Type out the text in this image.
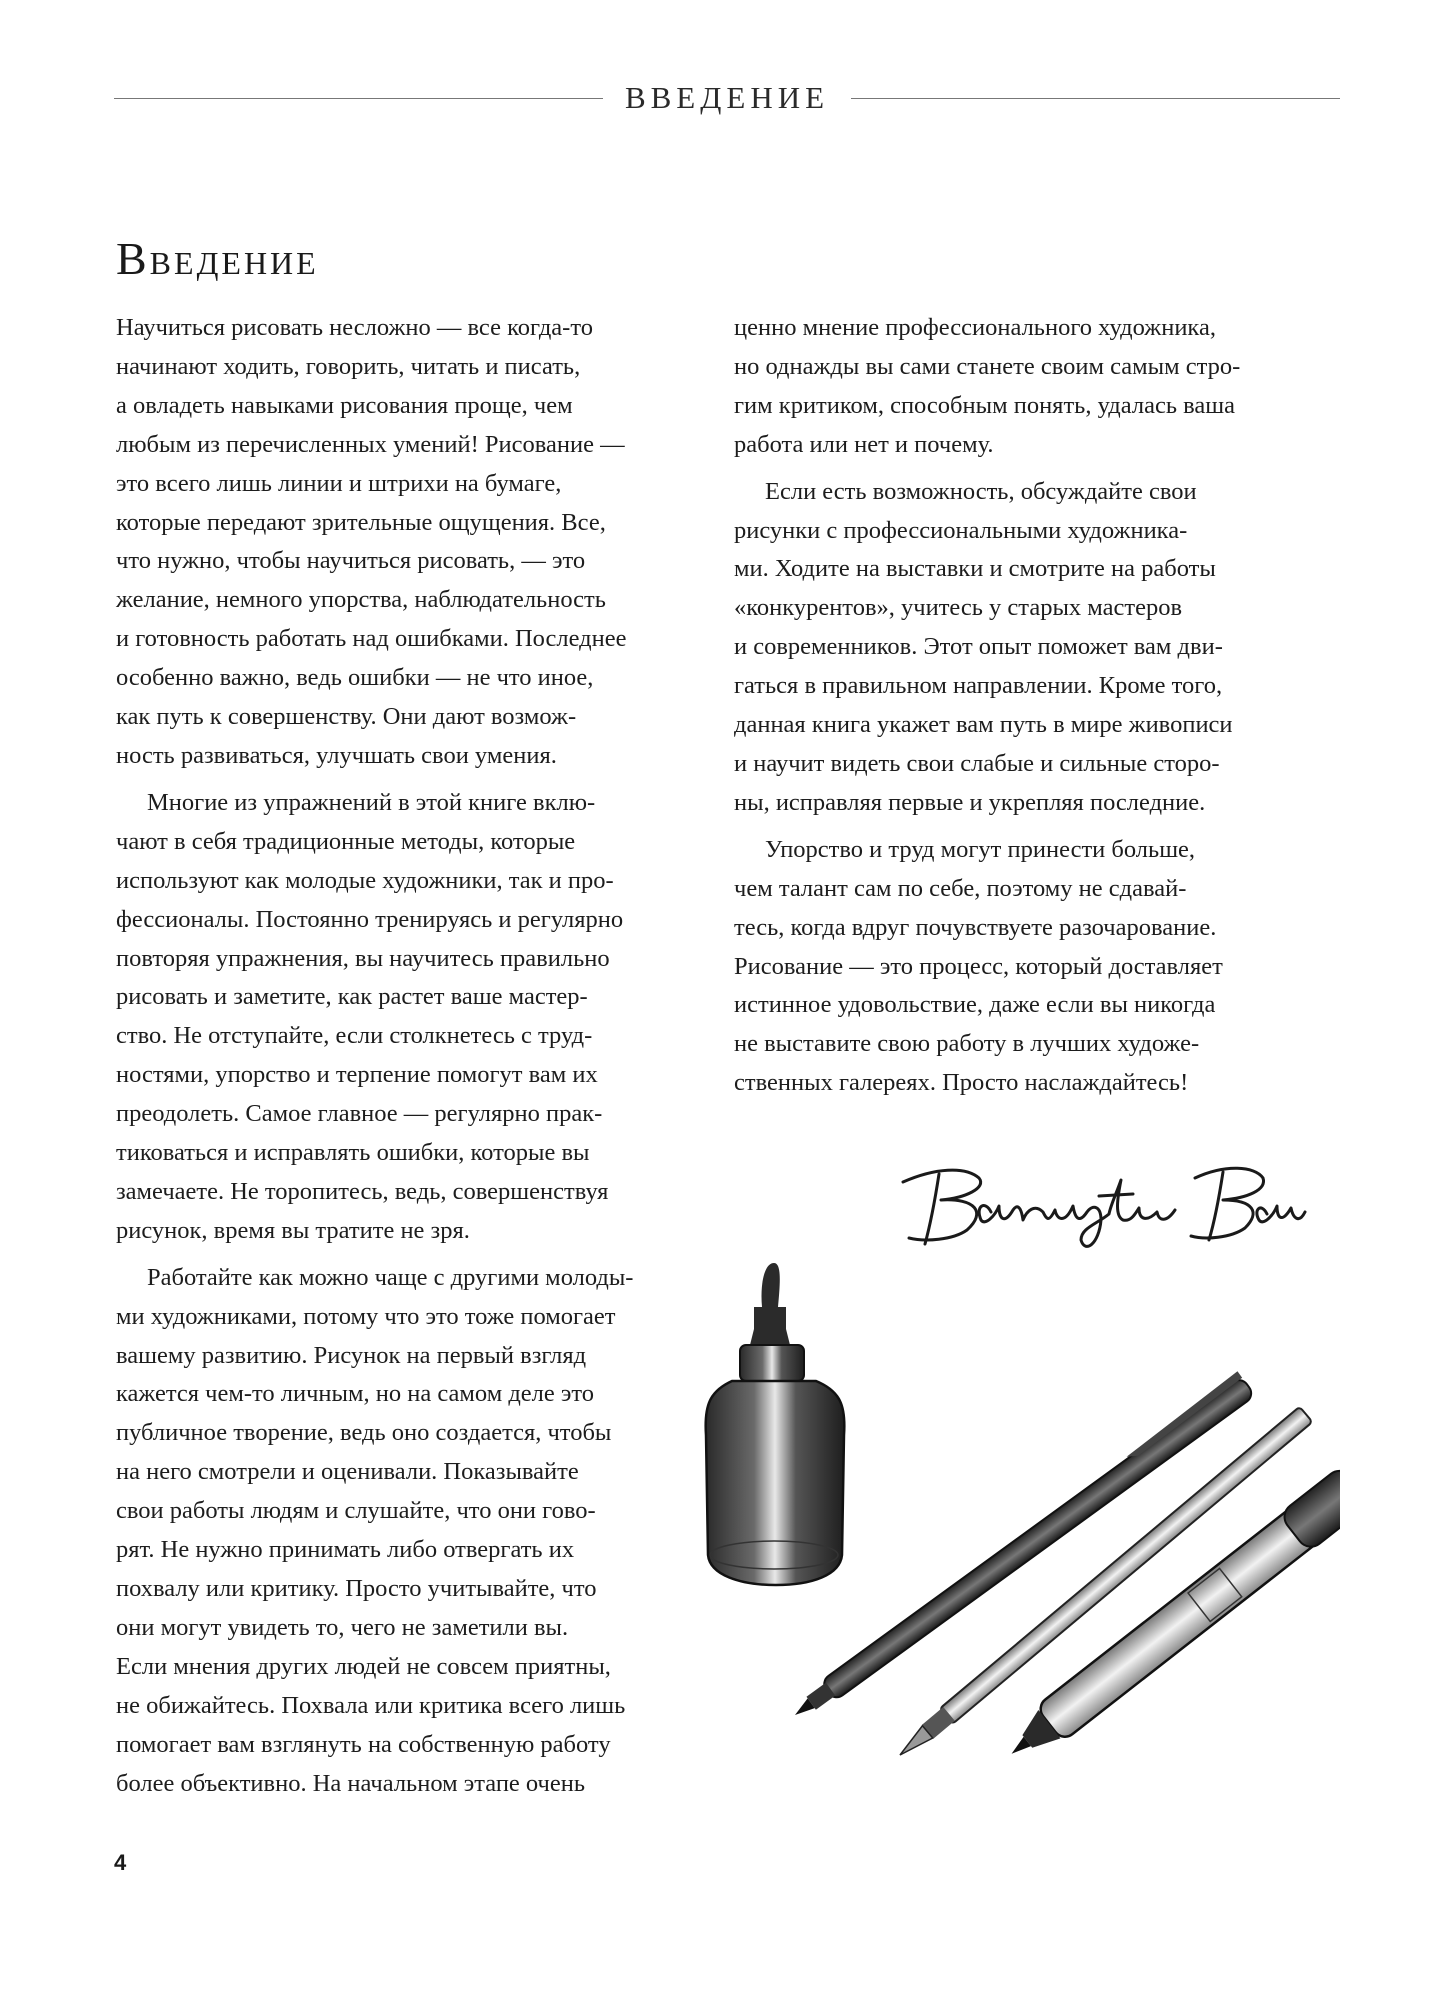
ВВЕДЕНИЕ
Введение

Научиться рисовать несложно — все когда-то
начинают ходить, говорить, читать и писать,
а овладеть навыками рисования проще, чем
любым из перечисленных умений! Рисование —
это всего лишь линии и штрихи на бумаге,
которые передают зрительные ощущения. Все,
что нужно, чтобы научиться рисовать, — это
желание, немного упорства, наблюдательность
и готовность работать над ошибками. Последнее
особенно важно, ведь ошибки — не что иное,
как путь к совершенству. Они дают возмож-
ность развиваться, улучшать свои умения.

Многие из упражнений в этой книге вклю-
чают в себя традиционные методы, которые
используют как молодые художники, так и про-
фессионалы. Постоянно тренируясь и регулярно
повторяя упражнения, вы научитесь правильно
рисовать и заметите, как растет ваше мастер-
ство. Не отступайте, если столкнетесь с труд-
ностями, упорство и терпение помогут вам их
преодолеть. Самое главное — регулярно прак-
тиковаться и исправлять ошибки, которые вы
замечаете. Не торопитесь, ведь, совершенствуя
рисунок, время вы тратите не зря.

Работайте как можно чаще с другими молоды-
ми художниками, потому что это тоже помогает
вашему развитию. Рисунок на первый взгляд
кажется чем-то личным, но на самом деле это
публичное творение, ведь оно создается, чтобы
на него смотрели и оценивали. Показывайте
свои работы людям и слушайте, что они гово-
рят. Не нужно принимать либо отвергать их
похвалу или критику. Просто учитывайте, что
они могут увидеть то, чего не заметили вы.
Если мнения других людей не совсем приятны,
не обижайтесь. Похвала или критика всего лишь
помогает вам взглянуть на собственную работу
более объективно. На начальном этапе очень

ценно мнение профессионального художника,
но однажды вы сами станете своим самым стро-
гим критиком, способным понять, удалась ваша
работа или нет и почему.

Если есть возможность, обсуждайте свои
рисунки с профессиональными художника-
ми. Ходите на выставки и смотрите на работы
«конкурентов», учитесь у старых мастеров
и современников. Этот опыт поможет вам дви-
гаться в правильном направлении. Кроме того,
данная книга укажет вам путь в мире живописи
и научит видеть свои слабые и сильные сторо-
ны, исправляя первые и укрепляя последние.

Упорство и труд могут принести больше,
чем талант сам по себе, поэтому не сдавай-
тесь, когда вдруг почувствуете разочарование.
Рисование — это процесс, который доставляет
истинное удовольствие, даже если вы никогда
не выставите свою работу в лучших художе-
ственных галереях. Просто наслаждайтесь!

4
